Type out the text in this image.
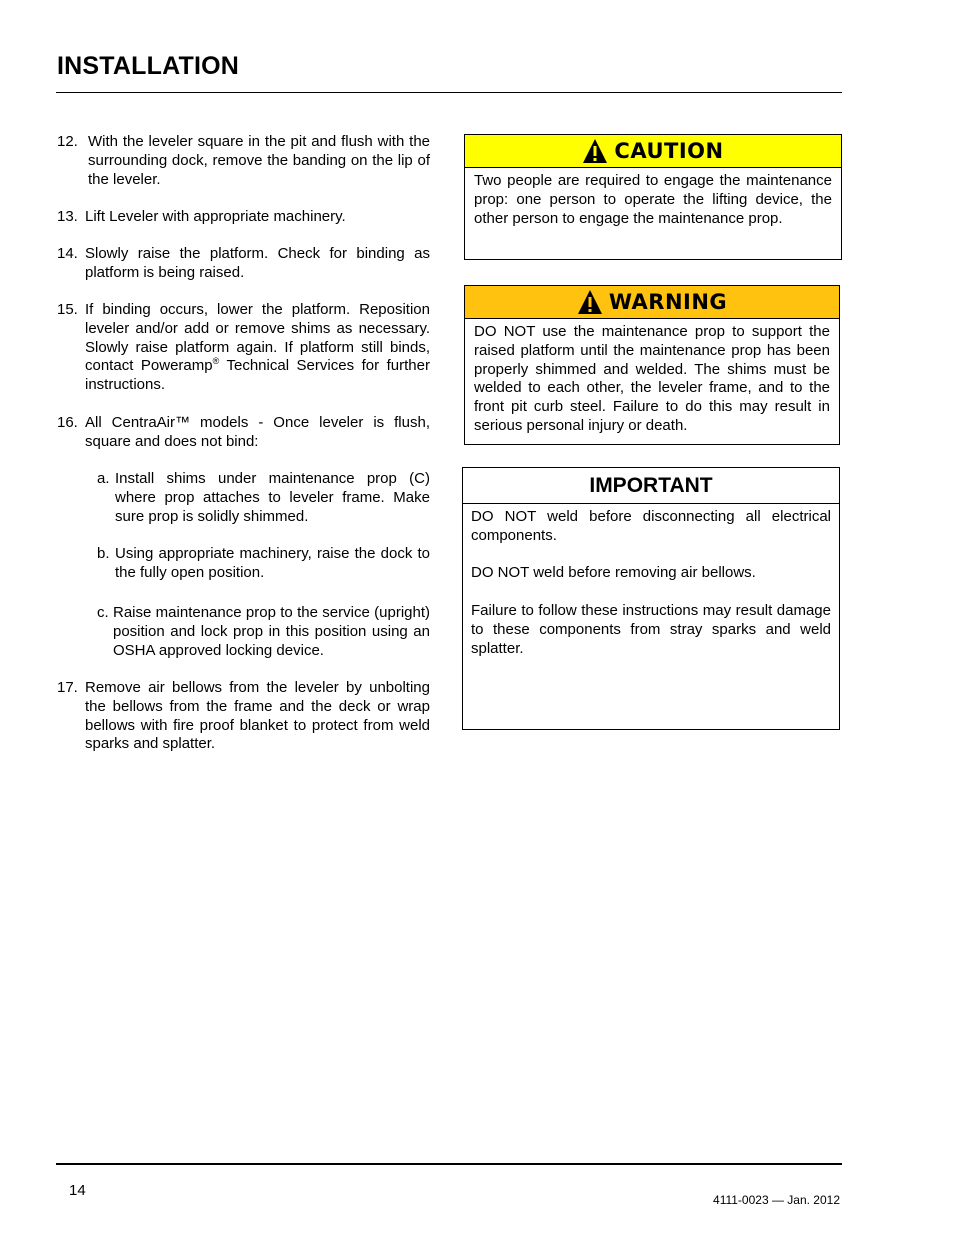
INSTALLATION
12. With the leveler square in the pit and flush with the surrounding dock, remove the banding on the lip of the leveler.
13. Lift Leveler with appropriate machinery.
14. Slowly raise the platform. Check for binding as platform is being raised.
15. If binding occurs, lower the platform. Reposition leveler and/or add or remove shims as necessary. Slowly raise platform again. If platform still binds, contact Poweramp® Technical Services for further instructions.
16. All CentraAir™ models - Once leveler is flush, square and does not bind:
a. Install shims under maintenance prop (C) where prop attaches to leveler frame. Make sure prop is solidly shimmed.
b. Using appropriate machinery, raise the dock to the fully open position.
c. Raise maintenance prop to the service (upright) position and lock prop in this position using an OSHA approved locking device.
17. Remove air bellows from the leveler by unbolting the bellows from the frame and the deck or wrap bellows with fire proof blanket to protect from weld sparks and splatter.
CAUTION
Two people are required to engage the maintenance prop: one person to operate the lifting device, the other person to engage the maintenance prop.
WARNING
DO NOT use the maintenance prop to support the raised platform until the maintenance prop has been properly shimmed and welded. The shims must be welded to each other, the leveler frame, and to the front pit curb steel. Failure to do this may result in serious personal injury or death.
IMPORTANT
DO NOT weld before disconnecting all electrical components.
DO NOT weld before removing air bellows.
Failure to follow these instructions may result damage to these components from stray sparks and weld splatter.
14
4111-0023 — Jan. 2012
